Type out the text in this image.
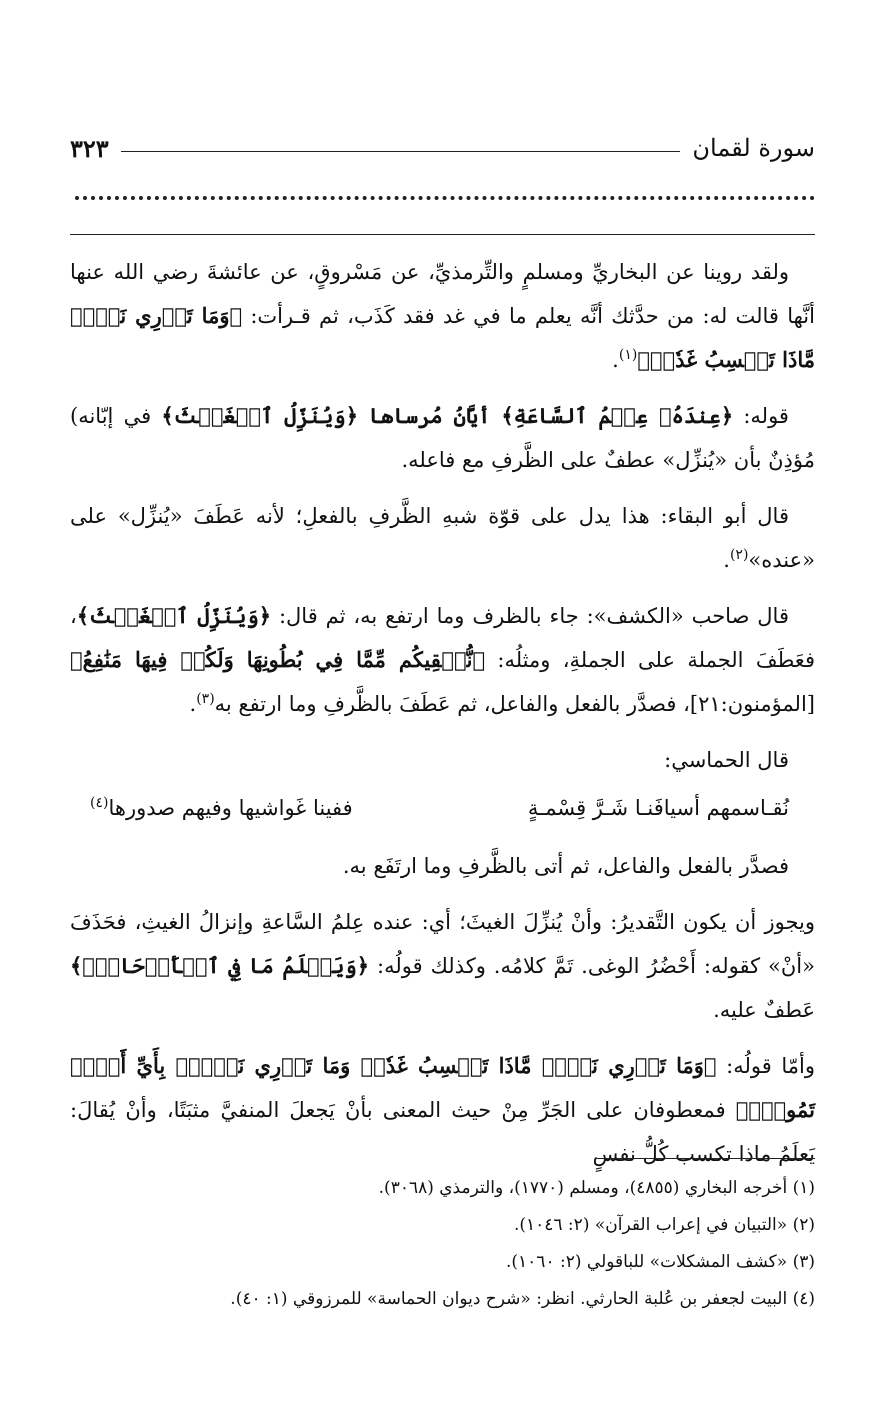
سورة لقمان
٣٢٣

ولقد روينا عن البخاريِّ ومسلمٍ والتِّرمذيِّ، عن مَسْروقٍ، عن عائشةَ رضي الله عنها أنَّها قالت له: من حدَّثك أنَّه يعلم ما في غد فقد كَذَب، ثم قـرأت: ﴿وَمَا تَدۡرِي نَفۡسٞ مَّاذَا تَكۡسِبُ غَدٗاۖ﴾$^{(١)}$.

قوله: ﴿عِندَهُۥ عِلۡمُ ٱلسَّاعَةِ﴾ أيَّانُ مُرساها ﴿وَيُنَزِّلُ ٱلۡغَيۡثَ﴾ في إبّانه) مُؤذِنٌ بأن «يُنزِّل» عطفٌ على الظَّرفِ مع فاعله.

قال أبو البقاء: هذا يدل على قوّة شبهِ الظَّرفِ بالفعلِ؛ لأنه عَطَفَ «يُنزِّل» على «عنده»$^{(٢)}$.

قال صاحب «الكشف»: جاء بالظرف وما ارتفع به، ثم قال: ﴿وَيُنَزِّلُ ٱلۡغَيۡثَ﴾، فعَطَفَ الجملة على الجملةِ، ومثلُه: ﴿نُّسۡقِيكُم مِّمَّا فِي بُطُونِهَا وَلَكُمۡ فِيهَا مَنَٰفِعُ﴾ [المؤمنون:٢١]، فصدَّر بالفعل والفاعل، ثم عَطَفَ بالظَّرفِ وما ارتفع به$^{(٣)}$.

قال الحماسي:

نُقـاسمهم أسيافَنـا شَـرَّ قِسْمـةٍ
ففينا غَواشيها وفيهم صدورها$^{(٤)}$

فصدَّر بالفعل والفاعل، ثم أتى بالظَّرفِ وما ارتَفَع به.

ويجوز أن يكون التَّقديرُ: وأنْ يُنزِّلَ الغيثَ؛ أي: عنده عِلمُ السَّاعةِ وإنزالُ الغيثِ، فحَذَفَ «أنْ» كقوله: أَحْضُرُ الوغى. تَمَّ كلامُه. وكذلك قولُه: ﴿وَيَعۡلَمُ مَا فِي ٱلۡأَرۡحَامِۖ﴾ عَطفٌ عليه.

وأمّا قولُه: ﴿وَمَا تَدۡرِي نَفۡسٞ مَّاذَا تَكۡسِبُ غَدٗاۖ وَمَا تَدۡرِي نَفۡسُۢ بِأَيِّ أَرۡضٖ تَمُوتُۚ﴾ فمعطوفان على الجَرِّ مِنْ حيث المعنى بأنْ يَجعلَ المنفيَّ مثبَتًا، وأنْ يُقالَ: يَعلَمُ ماذا تكسب كُلُّ نفسٍ

(١) أخرجه البخاري (٤٨٥٥)، ومسلم (١٧٧٠)، والترمذي (٣٠٦٨).
(٢) «التبيان في إعراب القرآن» (٢: ١٠٤٦).
(٣) «كشف المشكلات» للباقولي (٢: ١٠٦٠).
(٤) البيت لجعفر بن عُلبة الحارثي. انظر: «شرح ديوان الحماسة» للمرزوقي (١: ٤٠).
